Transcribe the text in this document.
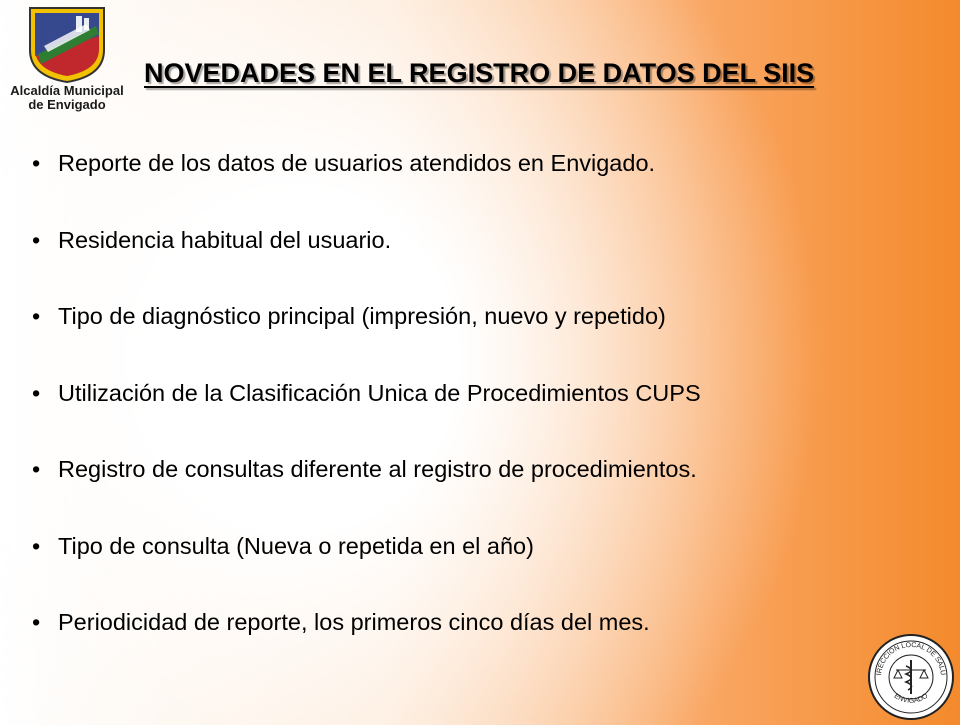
Alcaldía Municipal
de Envigado
NOVEDADES EN EL REGISTRO DE DATOS DEL SIIS
• Reporte de los datos de usuarios atendidos en Envigado.
• Residencia habitual del usuario.
• Tipo de diagnóstico principal (impresión, nuevo y repetido)
• Utilización de la Clasificación Unica de Procedimientos CUPS
• Registro de consultas diferente al registro de procedimientos.
• Tipo de consulta (Nueva o repetida en el año)
• Periodicidad de reporte, los primeros cinco días del mes.
IRECCION LOCAL DE SALU
ENVIGADO
